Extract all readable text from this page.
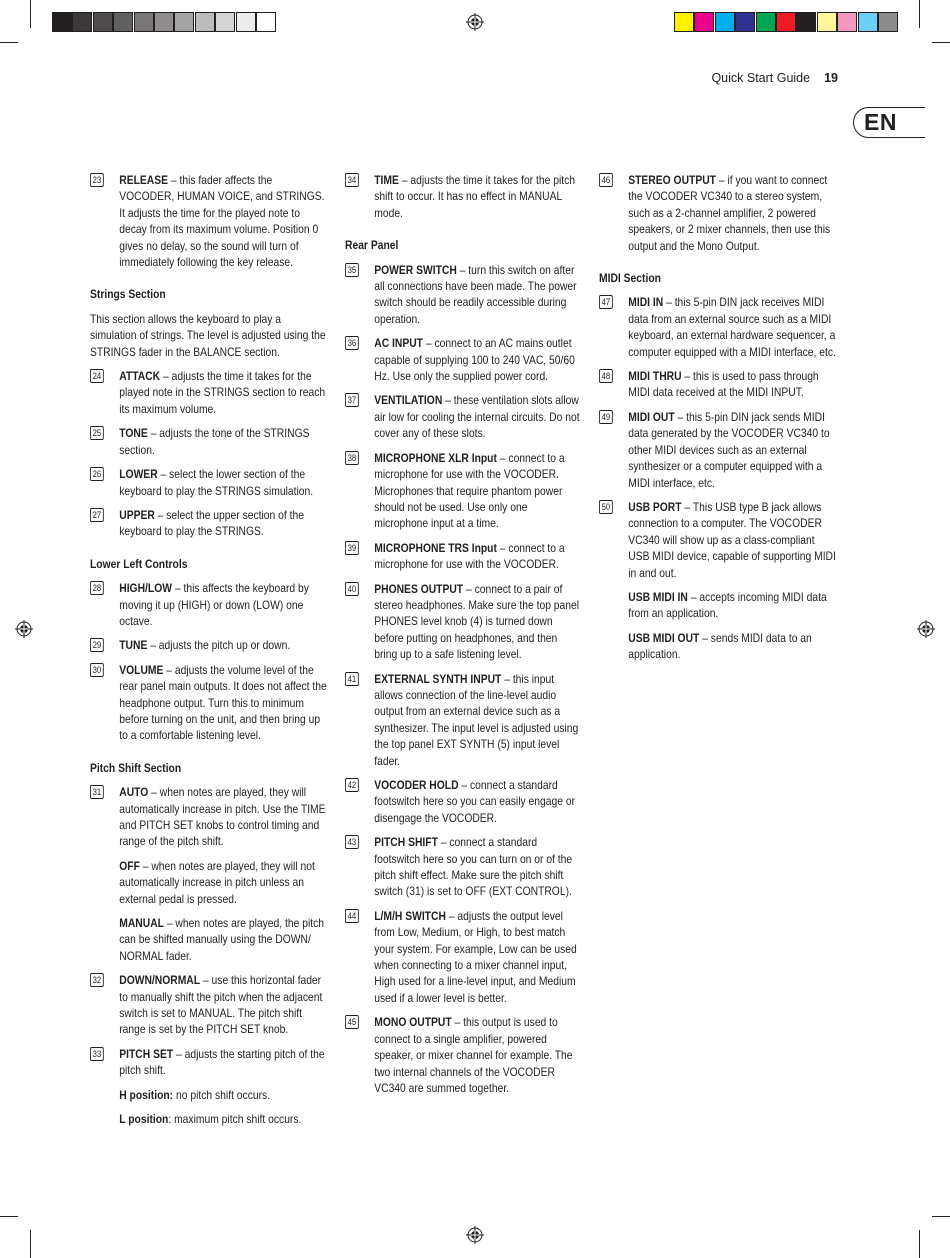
Quick Start Guide 19
EN
23 RELEASE – this fader affects the VOCODER, HUMAN VOICE, and STRINGS. It adjusts the time for the played note to decay from its maximum volume. Position 0 gives no delay, so the sound will turn of immediately following the key release.
Strings Section
This section allows the keyboard to play a simulation of strings. The level is adjusted using the STRINGS fader in the BALANCE section.
24 ATTACK – adjusts the time it takes for the played note in the STRINGS section to reach its maximum volume.
25 TONE – adjusts the tone of the STRINGS section.
26 LOWER – select the lower section of the keyboard to play the STRINGS simulation.
27 UPPER – select the upper section of the keyboard to play the STRINGS.
Lower Left Controls
28 HIGH/LOW – this affects the keyboard by moving it up (HIGH) or down (LOW) one octave.
29 TUNE – adjusts the pitch up or down.
30 VOLUME – adjusts the volume level of the rear panel main outputs. It does not affect the headphone output. Turn this to minimum before turning on the unit, and then bring up to a comfortable listening level.
Pitch Shift Section
31 AUTO – when notes are played, they will automatically increase in pitch. Use the TIME and PITCH SET knobs to control timing and range of the pitch shift.
OFF – when notes are played, they will not automatically increase in pitch unless an external pedal is pressed.
MANUAL – when notes are played, the pitch can be shifted manually using the DOWN/ NORMAL fader.
32 DOWN/NORMAL – use this horizontal fader to manually shift the pitch when the adjacent switch is set to MANUAL. The pitch shift range is set by the PITCH SET knob.
33 PITCH SET – adjusts the starting pitch of the pitch shift.
H position: no pitch shift occurs.
L position: maximum pitch shift occurs.
34 TIME – adjusts the time it takes for the pitch shift to occur. It has no effect in MANUAL mode.
Rear Panel
35 POWER SWITCH – turn this switch on after all connections have been made. The power switch should be readily accessible during operation.
36 AC INPUT – connect to an AC mains outlet capable of supplying 100 to 240 VAC, 50/60 Hz. Use only the supplied power cord.
37 VENTILATION – these ventilation slots allow air low for cooling the internal circuits. Do not cover any of these slots.
38 MICROPHONE XLR Input – connect to a microphone for use with the VOCODER. Microphones that require phantom power should not be used. Use only one microphone input at a time.
39 MICROPHONE TRS Input – connect to a microphone for use with the VOCODER.
40 PHONES OUTPUT – connect to a pair of stereo headphones. Make sure the top panel PHONES level knob (4) is turned down before putting on headphones, and then bring up to a safe listening level.
41 EXTERNAL SYNTH INPUT – this input allows connection of the line-level audio output from an external device such as a synthesizer. The input level is adjusted using the top panel EXT SYNTH (5) input level fader.
42 VOCODER HOLD – connect a standard footswitch here so you can easily engage or disengage the VOCODER.
43 PITCH SHIFT – connect a standard footswitch here so you can turn on or of the pitch shift effect. Make sure the pitch shift switch (31) is set to OFF (EXT CONTROL).
44 L/M/H SWITCH – adjusts the output level from Low, Medium, or High, to best match your system. For example, Low can be used when connecting to a mixer channel input, High used for a line-level input, and Medium used if a lower level is better.
45 MONO OUTPUT – this output is used to connect to a single amplifier, powered speaker, or mixer channel for example. The two internal channels of the VOCODER VC340 are summed together.
46 STEREO OUTPUT – if you want to connect the VOCODER VC340 to a stereo system, such as a 2-channel amplifier, 2 powered speakers, or 2 mixer channels, then use this output and the Mono Output.
MIDI Section
47 MIDI IN – this 5-pin DIN jack receives MIDI data from an external source such as a MIDI keyboard, an external hardware sequencer, a computer equipped with a MIDI interface, etc.
48 MIDI THRU – this is used to pass through MIDI data received at the MIDI INPUT.
49 MIDI OUT – this 5-pin DIN jack sends MIDI data generated by the VOCODER VC340 to other MIDI devices such as an external synthesizer or a computer equipped with a MIDI interface, etc.
50 USB PORT – This USB type B jack allows connection to a computer. The VOCODER VC340 will show up as a class-compliant USB MIDI device, capable of supporting MIDI in and out.
USB MIDI IN – accepts incoming MIDI data from an application.
USB MIDI OUT – sends MIDI data to an application.
